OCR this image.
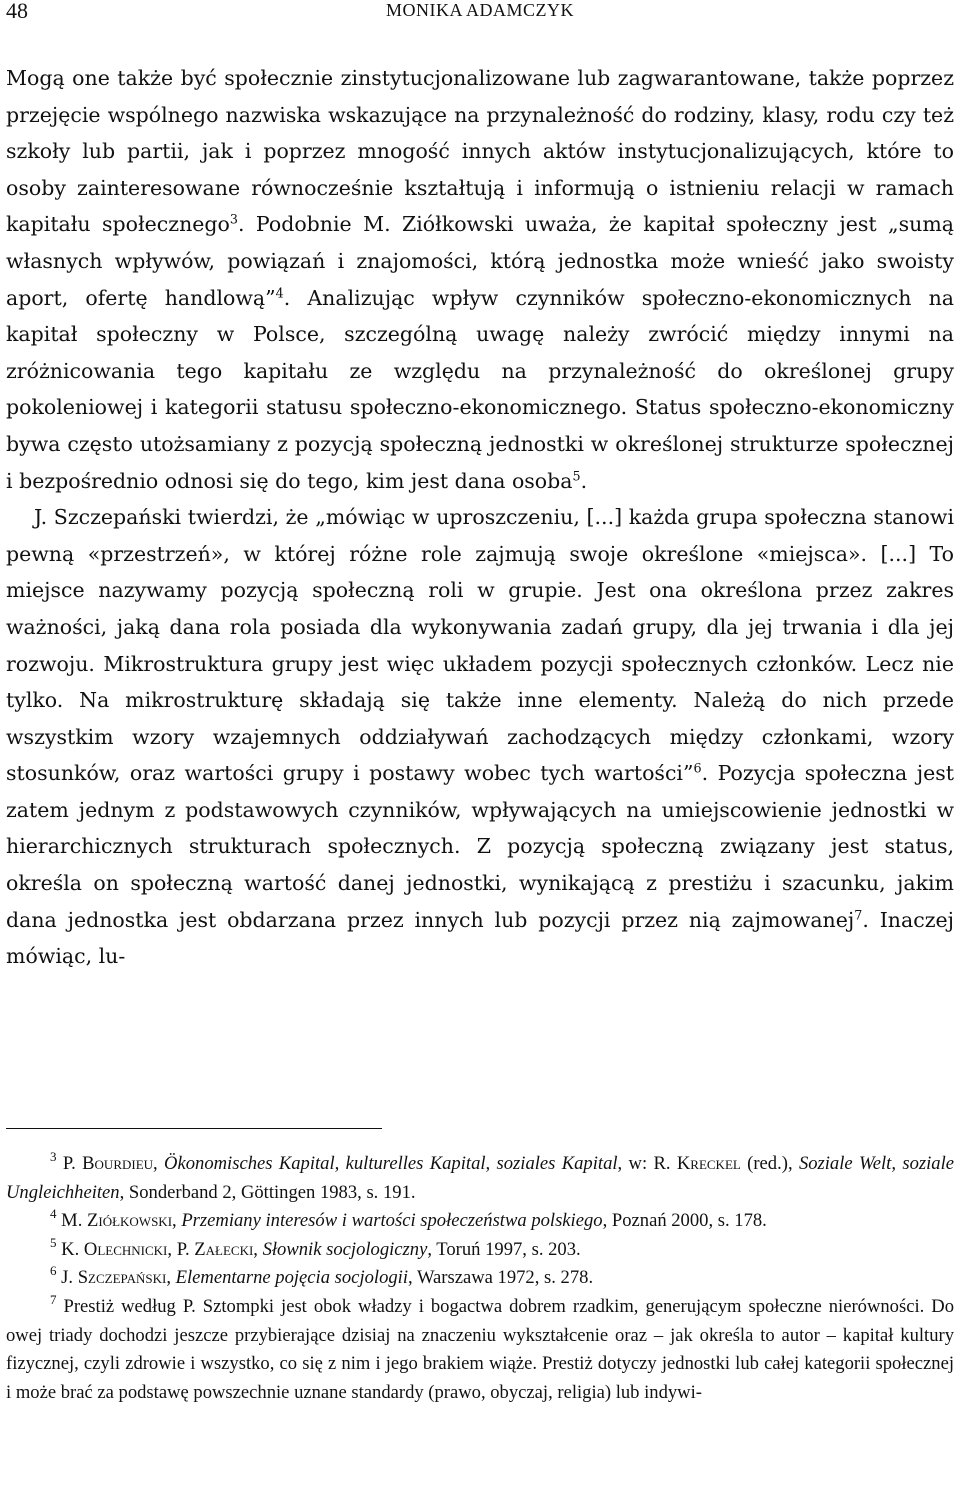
48	MONIKA ADAMCZYK

Mogą one także być społecznie zinstytucjonalizowane lub zagwarantowane, także poprzez przejęcie wspólnego nazwiska wskazujące na przynależność do rodziny, klasy, rodu czy też szkoły lub partii, jak i poprzez mnogość innych aktów instytucjonalizujących, które to osoby zainteresowane równocześnie kształtują i informują o istnieniu relacji w ramach kapitału społecznego$^3$. Podobnie M. Ziółkowski uważa, że kapitał społeczny jest „sumą własnych wpływów, powiązań i znajomości, którą jednostka może wnieść jako swoisty aport, ofertę handlową”$^4$. Analizując wpływ czynników społeczno-ekonomicznych na kapitał społeczny w Polsce, szczególną uwagę należy zwrócić między innymi na zróżnicowania tego kapitału ze względu na przynależność do określonej grupy pokoleniowej i kategorii statusu społeczno-ekonomicznego. Status społeczno-ekonomiczny bywa często utożsamiany z pozycją społeczną jednostki w określonej strukturze społecznej i bezpośrednio odnosi się do tego, kim jest dana osoba$^5$.

J. Szczepański twierdzi, że „mówiąc w uproszczeniu, [...] każda grupa społeczna stanowi pewną «przestrzeń», w której różne role zajmują swoje określone «miejsca». [...] To miejsce nazywamy pozycją społeczną roli w grupie. Jest ona określona przez zakres ważności, jaką dana rola posiada dla wykonywania zadań grupy, dla jej trwania i dla jej rozwoju. Mikrostruktura grupy jest więc układem pozycji społecznych członków. Lecz nie tylko. Na mikrostrukturę składają się także inne elementy. Należą do nich przede wszystkim wzory wzajemnych oddziaływań zachodzących między członkami, wzory stosunków, oraz wartości grupy i postawy wobec tych wartości”$^6$. Pozycja społeczna jest zatem jednym z podstawowych czynników, wpływających na umiejscowienie jednostki w hierarchicznych strukturach społecznych. Z pozycją społeczną związany jest status, określa on społeczną wartość danej jednostki, wynikającą z prestiżu i szacunku, jakim dana jednostka jest obdarzana przez innych lub pozycji przez nią zajmowanej$^7$. Inaczej mówiąc, lu-

$^3$ P. Bourdieu, Ökonomisches Kapital, kulturelles Kapital, soziales Kapital, w: R. Kreckel (red.), Soziale Welt, soziale Ungleichheiten, Sonderband 2, Göttingen 1983, s. 191.

$^4$ M. Ziółkowski, Przemiany interesów i wartości społeczeństwa polskiego, Poznań 2000, s. 178.

$^5$ K. Olechnicki, P. Załecki, Słownik socjologiczny, Toruń 1997, s. 203.

$^6$ J. Szczepański, Elementarne pojęcia socjologii, Warszawa 1972, s. 278.

$^7$ Prestiż według P. Sztompki jest obok władzy i bogactwa dobrem rzadkim, generującym społeczne nierówności. Do owej triady dochodzi jeszcze przybierające dzisiaj na znaczeniu wykształcenie oraz – jak określa to autor – kapitał kultury fizycznej, czyli zdrowie i wszystko, co się z nim i jego brakiem wiąże. Prestiż dotyczy jednostki lub całej kategorii społecznej i może brać za podstawę powszechnie uznane standardy (prawo, obyczaj, religia) lub indywi-
